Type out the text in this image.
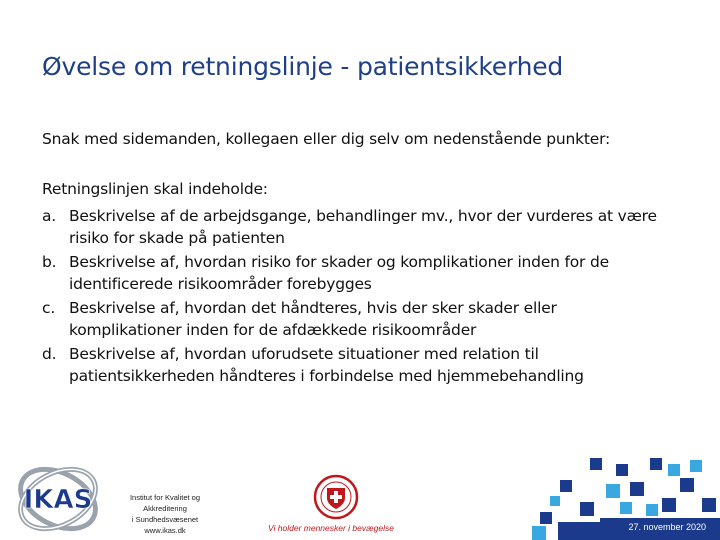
Øvelse om retningslinje - patientsikkerhed
Snak med sidemanden, kollegaen eller dig selv om nedenstående punkter:
Retningslinjen skal indeholde:
a. Beskrivelse af de arbejdsgange, behandlinger mv., hvor der vurderes at være risiko for skade på patienten
b. Beskrivelse af, hvordan risiko for skader og komplikationer inden for de identificerede risikoområder forebygges
c. Beskrivelse af, hvordan det håndteres, hvis der sker skader eller komplikationer inden for de afdækkede risikoområder
d. Beskrivelse af, hvordan uforudsete situationer med relation til patientsikkerheden håndteres i forbindelse med hjemmebehandling
IKAS	Institut for Kvalitet og Akkreditering
i Sundhedsvæsenet
www.ikas.dk	Vi holder mennesker i bevægelse	27. november 2020
